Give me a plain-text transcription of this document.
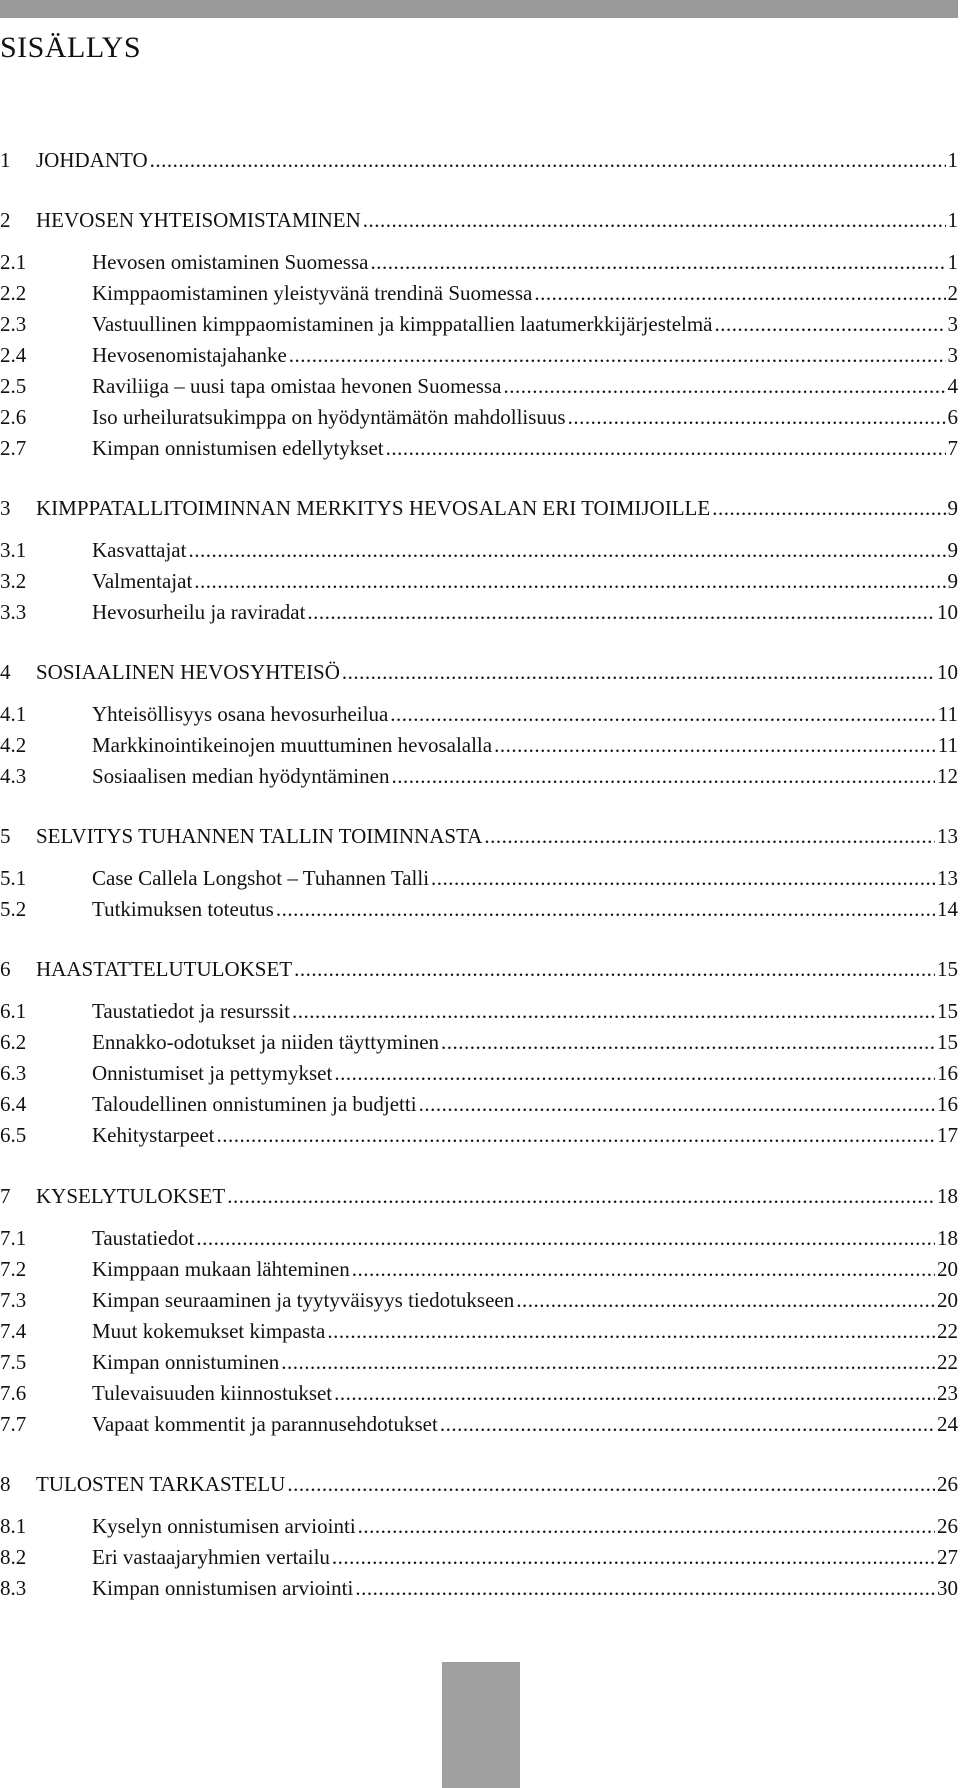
SISÄLLYS
1	JOHDANTO .....	1
2	HEVOSEN YHTEISOMISTAMINEN .....	1
2.1	Hevosen omistaminen Suomessa .....	1
2.2	Kimppaomistaminen yleistyvänä trendinä Suomessa .....	2
2.3	Vastuullinen kimppaomistaminen ja kimppatallien laatumerkkijärjestelmä .....	3
2.4	Hevosenomistajahanke .....	3
2.5	Raviliiga – uusi tapa omistaa hevonen Suomessa .....	4
2.6	Iso urheiluratsukimppa on hyödyntämätön mahdollisuus .....	6
2.7	Kimpan onnistumisen edellytykset .....	7
3	KIMPPATALLITOIMINNAN MERKITYS HEVOSALAN ERI TOIMIJOILLE .....	9
3.1	Kasvattajat .....	9
3.2	Valmentajat .....	9
3.3	Hevosurheilu ja raviradat .....	10
4	SOSIAALINEN HEVOSYHTEISÖ .....	10
4.1	Yhteisöllisyys osana hevosurheilua .....	11
4.2	Markkinointikeinojen muuttuminen hevosalalla .....	11
4.3	Sosiaalisen median hyödyntäminen .....	12
5	SELVITYS TUHANNEN TALLIN TOIMINNASTA .....	13
5.1	Case Callela Longshot – Tuhannen Talli .....	13
5.2	Tutkimuksen toteutus .....	14
6	HAASTATTELUTULOKSET .....	15
6.1	Taustatiedot ja resurssit .....	15
6.2	Ennakko-odotukset ja niiden täyttyminen .....	15
6.3	Onnistumiset ja pettymykset .....	16
6.4	Taloudellinen onnistuminen ja budjetti .....	16
6.5	Kehitystarpeet .....	17
7	KYSELYTULOKSET .....	18
7.1	Taustatiedot .....	18
7.2	Kimppaan mukaan lähteminen .....	20
7.3	Kimpan seuraaminen ja tyytyväisyys tiedotukseen .....	20
7.4	Muut kokemukset kimpasta .....	22
7.5	Kimpan onnistuminen .....	22
7.6	Tulevaisuuden kiinnostukset .....	23
7.7	Vapaat kommentit ja parannusehdotukset .....	24
8	TULOSTEN TARKASTELU .....	26
8.1	Kyselyn onnistumisen arviointi .....	26
8.2	Eri vastaajaryhmien vertailu .....	27
8.3	Kimpan onnistumisen arviointi .....	30
